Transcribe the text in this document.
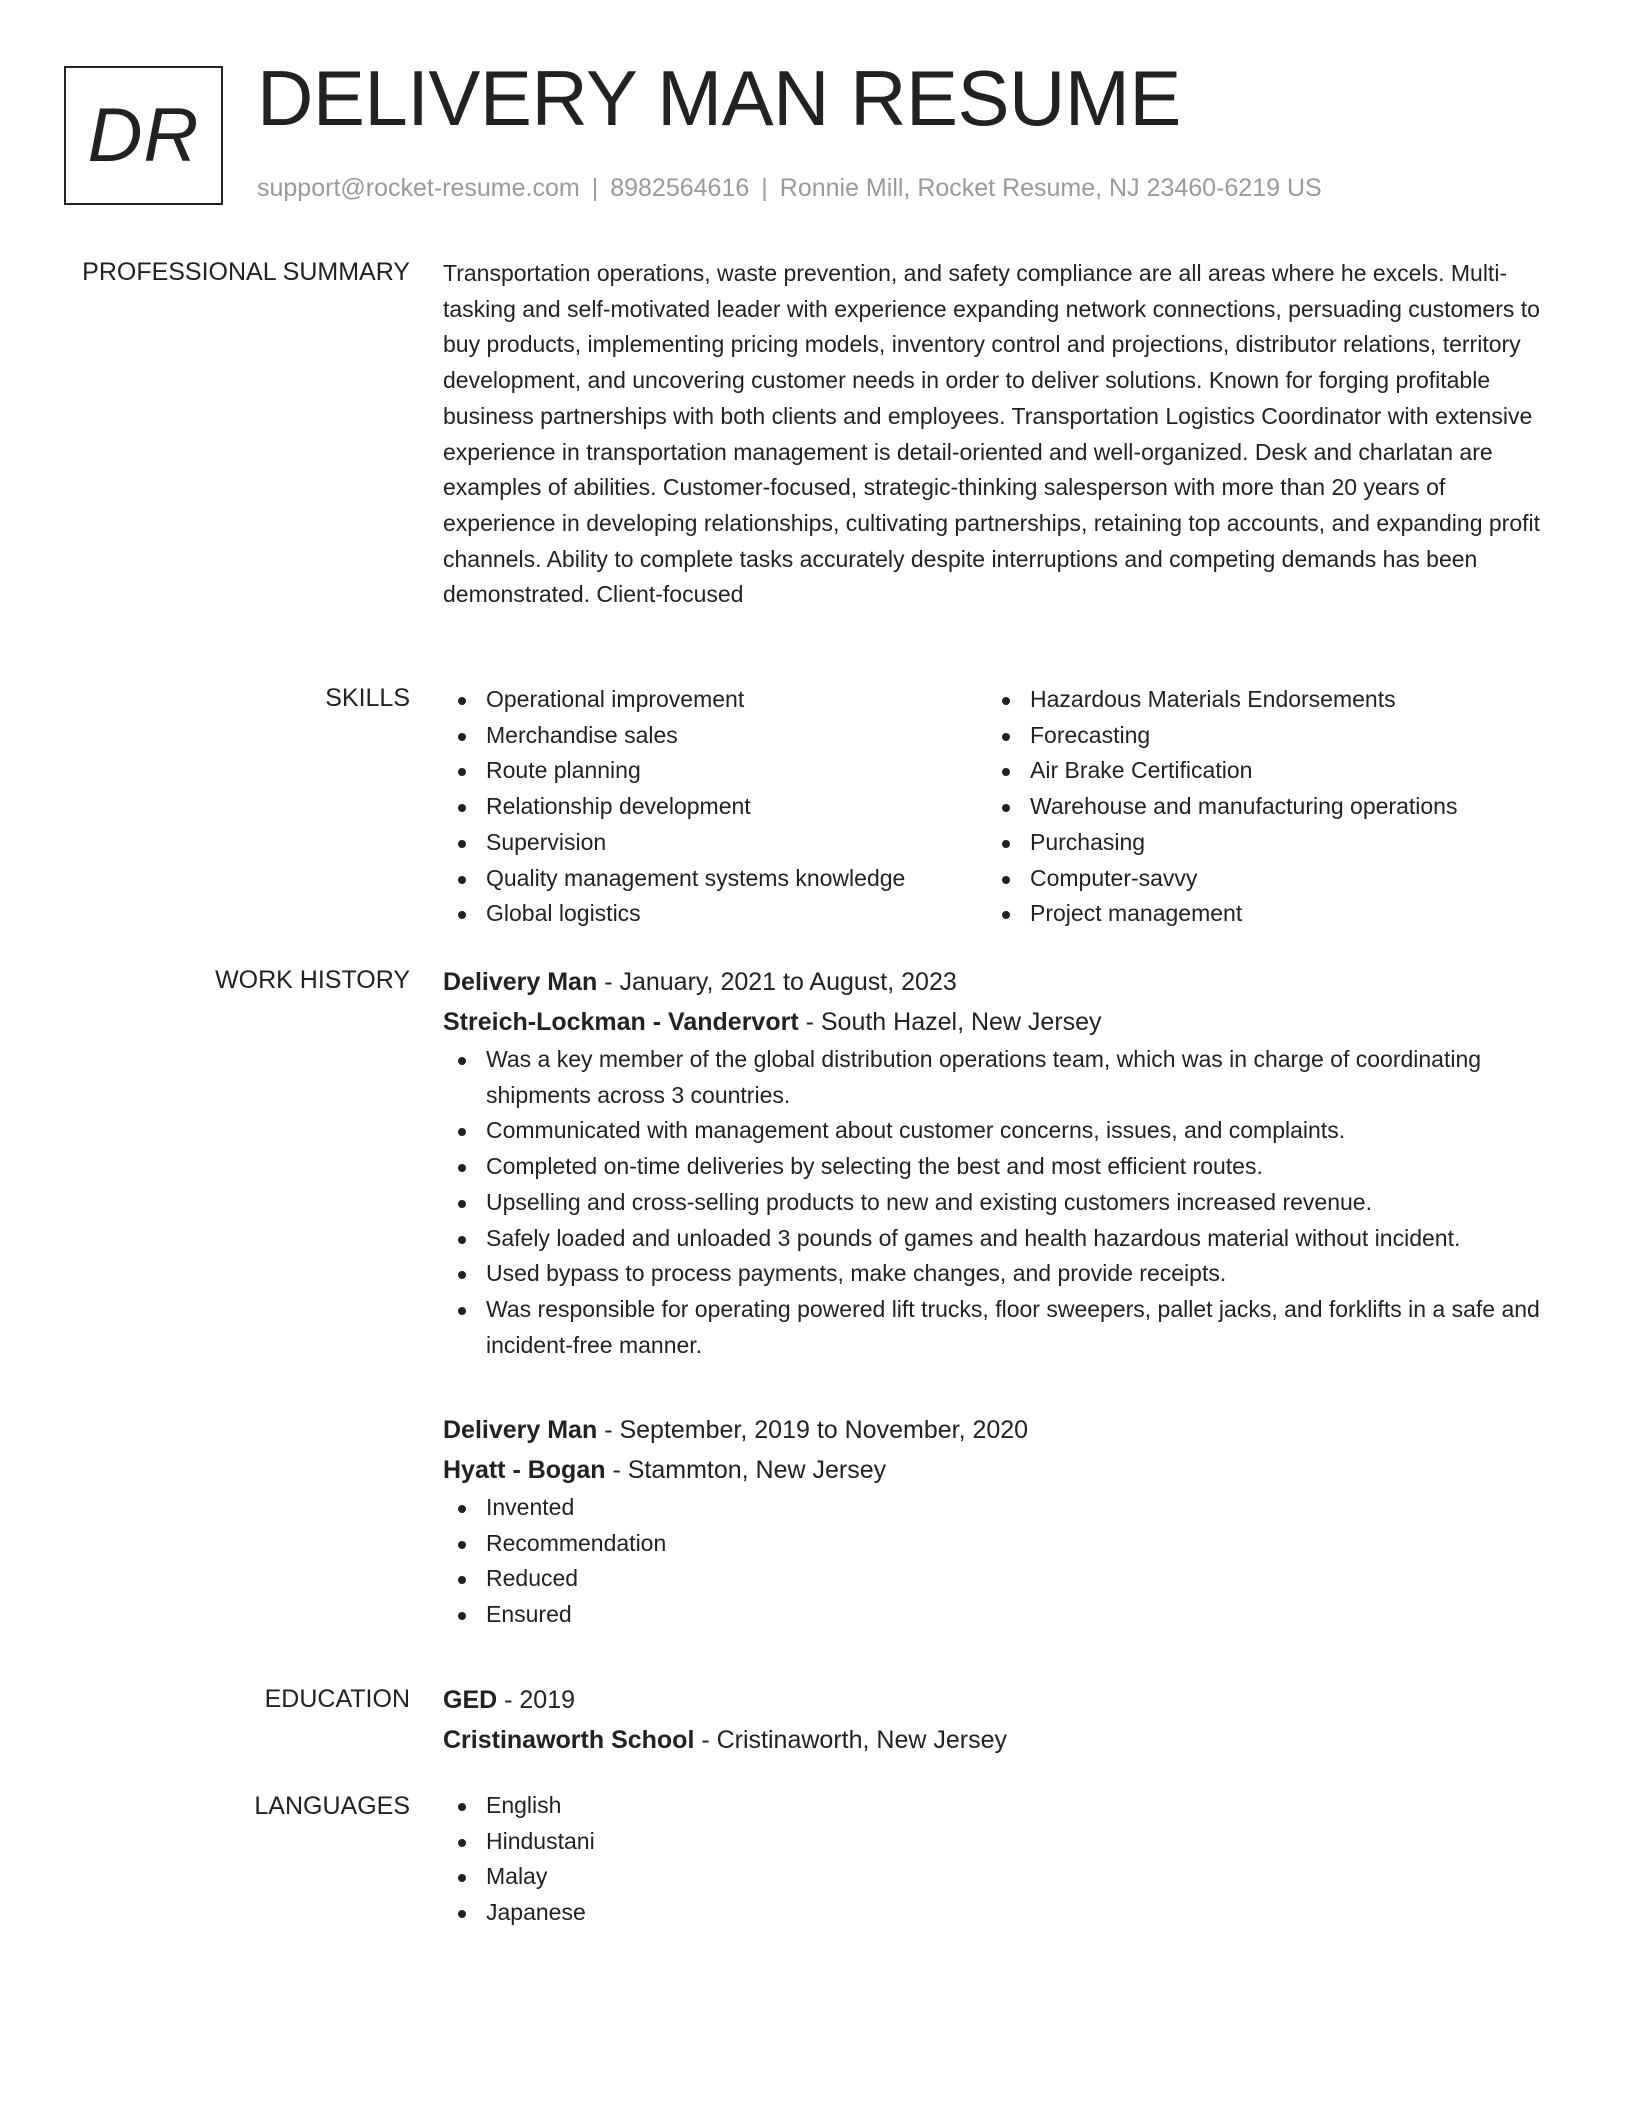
DR DELIVERY MAN RESUME
support@rocket-resume.com | 8982564616 | Ronnie Mill, Rocket Resume, NJ 23460-6219 US
PROFESSIONAL SUMMARY Transportation operations, waste prevention, and safety compliance are all areas where he excels. Multi-tasking and self-motivated leader with experience expanding network connections, persuading customers to buy products, implementing pricing models, inventory control and projections, distributor relations, territory development, and uncovering customer needs in order to deliver solutions. Known for forging profitable business partnerships with both clients and employees. Transportation Logistics Coordinator with extensive experience in transportation management is detail-oriented and well-organized. Desk and charlatan are examples of abilities. Customer-focused, strategic-thinking salesperson with more than 20 years of experience in developing relationships, cultivating partnerships, retaining top accounts, and expanding profit channels. Ability to complete tasks accurately despite interruptions and competing demands has been demonstrated. Client-focused

SKILLS	Operational improvement
Merchandise sales
Route planning
Relationship development
Supervision
Quality management systems knowledge
Global logistics
Hazardous Materials Endorsements
Forecasting
Air Brake Certification
Warehouse and manufacturing operations
Purchasing
Computer-savvy
Project management
WORK HISTORY Delivery Man - January, 2021 to August, 2023
Streich-Lockman - Vandervort - South Hazel, New Jersey
Was a key member of the global distribution operations team, which was in charge of coordinating shipments across 3 countries.
Communicated with management about customer concerns, issues, and complaints.
Completed on-time deliveries by selecting the best and most efficient routes.
Upselling and cross-selling products to new and existing customers increased revenue.
Safely loaded and unloaded 3 pounds of games and health hazardous material without incident.
Used bypass to process payments, make changes, and provide receipts.
Was responsible for operating powered lift trucks, floor sweepers, pallet jacks, and forklifts in a safe and incident-free manner.
Delivery Man - September, 2019 to November, 2020
Hyatt - Bogan - Stammton, New Jersey
Invented
Recommendation
Reduced
Ensured
EDUCATION GED - 2019
Cristinaworth School - Cristinaworth, New Jersey
LANGUAGES	English
Hindustani
Malay
Japanese
